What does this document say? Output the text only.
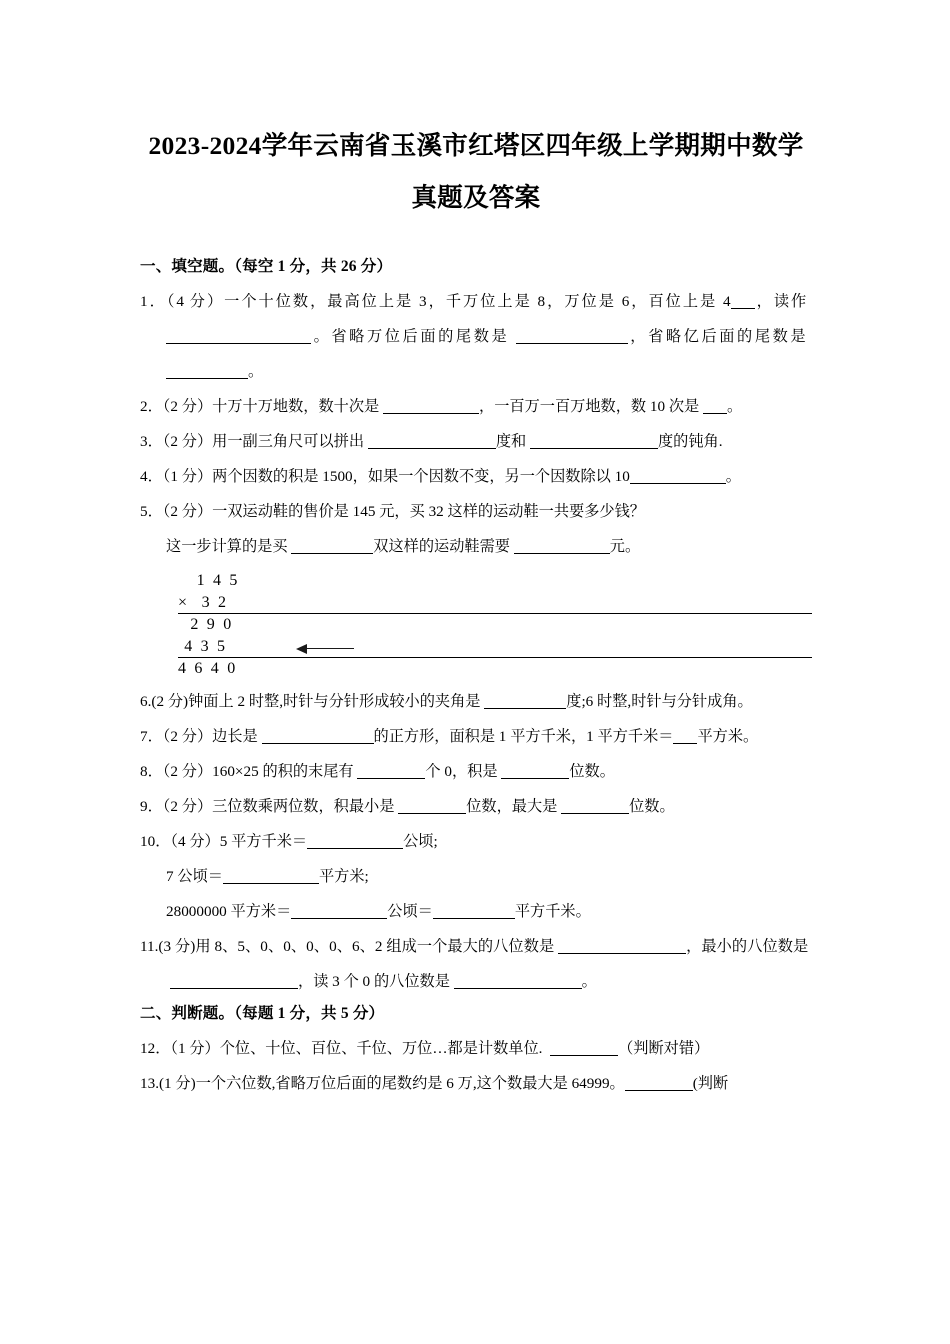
2023-2024学年云南省玉溪市红塔区四年级上学期期中数学
真题及答案
一、填空题。（每空 1 分，共 26 分）

1．（4 分）一个十位数，最高位上是 3，千万位上是 8，万位是 6，百位上是 4 ，读作 。省略万位后面的尾数是	，省略亿后面的尾数是 。

2．（2 分）十万十万地数，数十次是	，一百万一百万地数，数 10 次是 。

3．（2 分）用一副三角尺可以拼出	度和	度的钝角.

4．（1 分）两个因数的积是 1500，如果一个因数不变，另一个因数除以 10	。

5．（2 分）一双运动鞋的售价是 145 元，买 32 这样的运动鞋一共要多少钱？

这一步计算的是买	双这样的运动鞋需要	元。

1 4 5
× 3 2
2 9 0
4 3 5
4 6 4 0

6.(2 分)钟面上 2 时整,时针与分针形成较小的夹角是	度;6 时整,时针与分针成角。

7．（2 分）边长是	的正方形，面积是 1 平方千米，1 平方千米＝ 平方米。

8．（2 分）160×25 的积的末尾有	个 0，积是	位数。

9．（2 分）三位数乘两位数，积最小是	位数，最大是	位数。

10．（4 分）5 平方千米＝	公顷;

7 公顷＝	平方米;

28000000 平方米＝	公顷＝	平方千米。

11.(3 分)用 8、5、0、0、0、0、6、2 组成一个最大的八位数是	，最小的八位数是 ，读 3 个 0 的八位数是	。

二、判断题。（每题 1 分，共 5 分）

12．（1 分）个位、十位、百位、千位、万位…都是计数单位.	（判断对错）

13.(1 分)一个六位数,省略万位后面的尾数约是 6 万,这个数最大是 64999。	(判断
